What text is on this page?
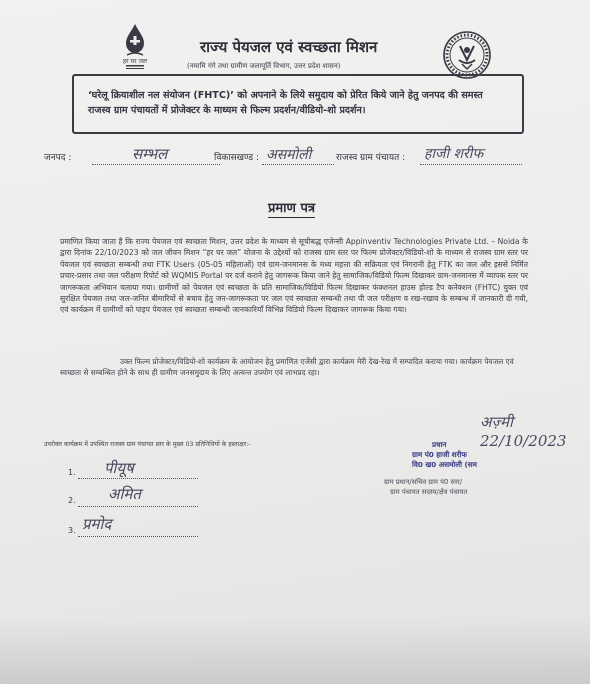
हर घर जल
राज्य पेयजल एवं स्वच्छता मिशन
(नमामि गंगे तथा ग्रामीण जलापूर्ति विभाग, उत्तर प्रदेश शासन)
‘घरेलू क्रियाशील नल संयोजन (FHTC)’ को अपनाने के लिये समुदाय को प्रेरित किये जाने हेतु जनपद की समस्त राजस्व ग्राम पंचायतों में प्रोजेक्टर के माध्यम से फिल्म प्रदर्शन/वीडियो-शो प्रदर्शन।
जनपद :	सम्भल	विकासखण्ड : असमोली	राजस्व ग्राम पंचायत : हाजी शरीफ
प्रमाण पत्र

प्रमाणित किया जाता है कि राज्य पेयजल एवं स्वच्छता मिशन, उत्तर प्रदेश के माध्यम से सूचीबद्ध एजेन्सी Appinventiv Technologies Private Ltd. – Noida के द्वारा दिनांक 22/10/2023 को जल जीवन मिशन “हर घर जल” योजना के उद्देश्यों को राजस्व ग्राम स्तर पर फिल्म प्रोजेक्टर/विडियो-शो के माध्यम से राजस्व ग्राम स्तर पर पेयजल एवं स्वच्छता सम्बन्धी तथा FTK Users (05-05 महिलाओं) एवं ग्राम-जनमानस के मध्य महत्ता की सक्रियता एवं निगरानी हेतु FTK का जल और इससे निर्मित प्रचार-प्रसार तथा जल परीक्षण रिपोर्ट को WQMIS Portal पर दर्ज कराने हेतु जागरूक किया जाने हेतु सामाजिक/विडियो फिल्म दिखाकर ग्राम-जनमानस में व्यापक स्तर पर जागरूकता अभियान चलाया गया। ग्रामीणों को पेयजल एवं स्वच्छता के प्रति सामाजिक/विडियो फिल्म दिखाकर फंक्शनल हाउस होल्ड टैप कनेक्शन (FHTC) युक्त एवं सुरक्षित पेयजल तथा जल-जनित बीमारियों से बचाव हेतु जन-जागरूकता पर जल एवं स्वच्छता सम्बन्धी तथा पी जल परीक्षण व रख-रखाव के सम्बन्ध में जानकारी दी गयी, एवं कार्यक्रम में ग्रामीणों को पाइप पेयजल एवं स्वच्छता सम्बन्धी जानकारियाँ विभिन्न विडियो फिल्म दिखाकर जागरूक किया गया।

उक्त फिल्म प्रोजेक्टर/विडियो-शो कार्यक्रम के आयोजन हेतु प्रमाणित एजेंसी द्वारा कार्यक्रम मेरी देख-रेख में सम्पादित कराया गया। कार्यक्रम पेयजल एवं स्वच्छता से सम्बन्धित होने के साथ ही ग्रामीण जनसमुदाय के लिए अत्यन्त उपयोग एवं लाभप्रद रहा।

उपरोक्त कार्यक्रम में उपस्थित राजस्व ग्राम पंचायत स्तर के मुख्य 03 प्रतिनिधियों के हस्ताक्षर:-
1. पीयूष
2. अमित
3. प्रमोद
अज़्मी 22/10/2023
प्रधान
ग्राम पं0 हाजी शरीफ
वि0 ख0 असमोली (सम
ग्राम प्रधान/सचिव ग्राम पं0 स्तर/
ग्राम पंचायत सदस्य/क्षेत्र पंचायत
